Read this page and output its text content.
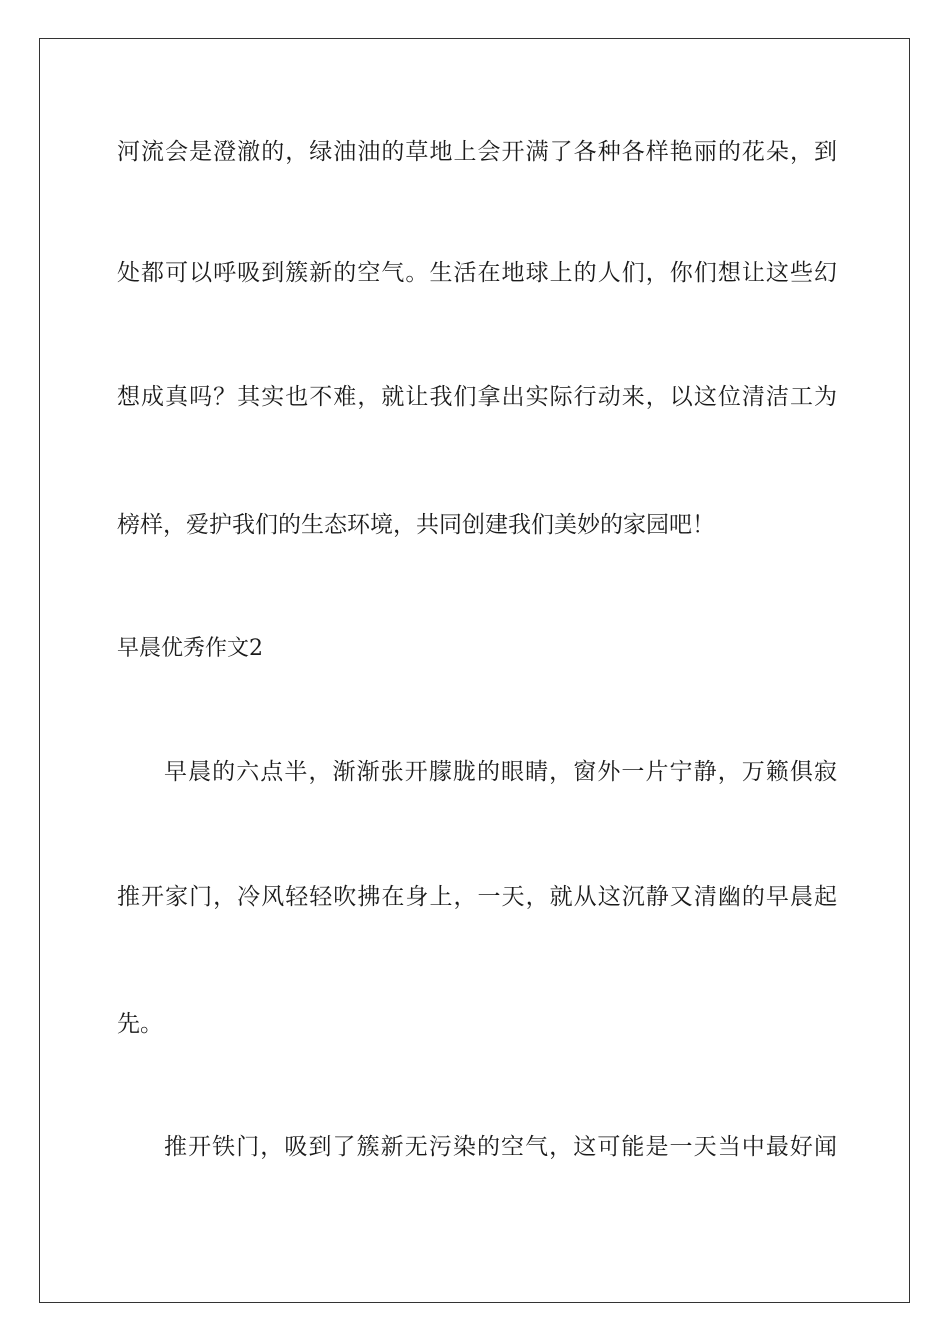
河流会是澄澈的，绿油油的草地上会开满了各种各样艳丽的花朵，到
处都可以呼吸到簇新的空气。生活在地球上的人们，你们想让这些幻
想成真吗？其实也不难，就让我们拿出实际行动来，以这位清洁工为
榜样，爱护我们的生态环境，共同创建我们美妙的家园吧！
早晨优秀作文2
早晨的六点半，渐渐张开朦胧的眼睛，窗外一片宁静，万籁俱寂
推开家门，冷风轻轻吹拂在身上，一天，就从这沉静又清幽的早晨起
先。
推开铁门，吸到了簇新无污染的空气，这可能是一天当中最好闻
